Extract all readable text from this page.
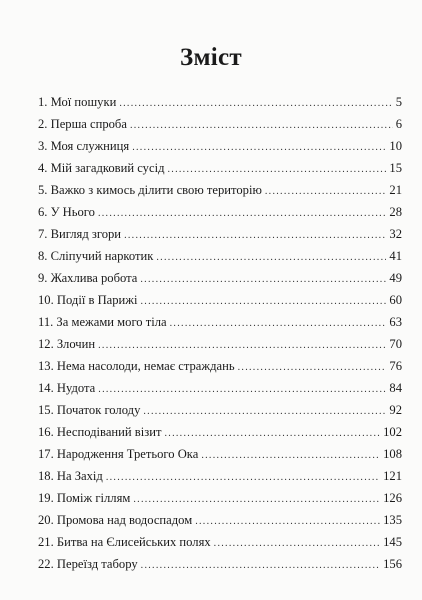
Зміст
1. Мої пошуки . . .	5
2. Перша спроба . . .	6
3. Моя служниця . . .	10
4. Мій загадковий сусід . . .	15
5. Важко з кимось ділити свою територію . . .	21
6. У Нього . . .	28
7. Вигляд згори . . .	32
8. Сліпучий наркотик . . .	41
9. Жахлива робота . . .	49
10. Події в Парижі . . .	60
11. За межами мого тіла . . .	63
12. Злочин . . .	70
13. Нема насолоди, немає страждань . . .	76
14. Нудота . . .	84
15. Початок голоду . . .	92
16. Несподіваний візит . . .	102
17. Народження Третього Ока . . .	108
18. На Захід . . .	121
19. Поміж гіллям . . .	126
20. Промова над водоспадом . . .	135
21. Битва на Єлисейських полях . . .	145
22. Переїзд табору . . .	156
